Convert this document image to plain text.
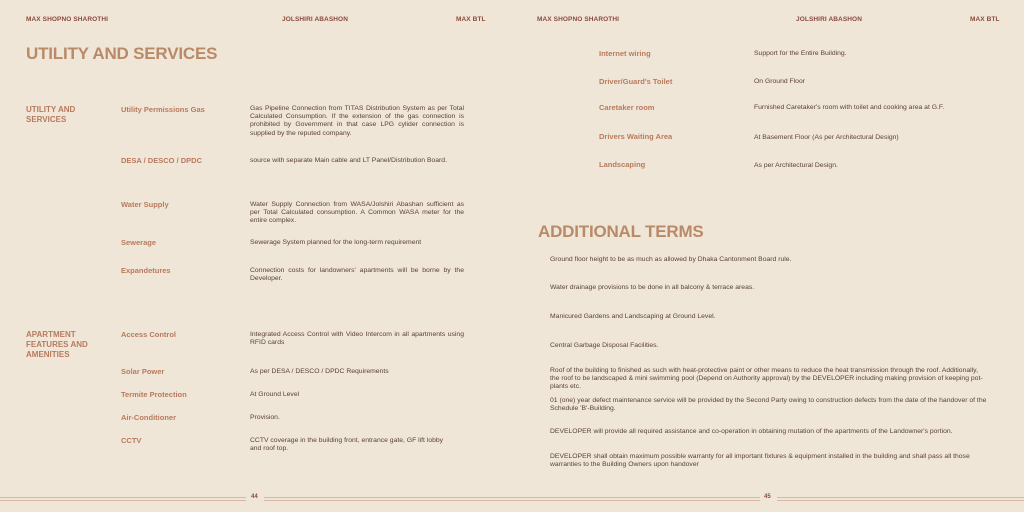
MAX SHOPNO SHAROTHI	JOLSHIRI ABASHON	MAX BTL
UTILITY AND SERVICES
UTILITY AND SERVICES
APARTMENT FEATURES AND AMENITIES
Utility Permissions Gas	Gas Pipeline Connection from TITAS Distribution System as per Total Calculated Consumption. If the extension of the gas connection is prohibited by Government in that case LPG cylider connection is supplied by the reputed company.
DESA / DESCO / DPDC	source with separate Main cable and LT Panel/Distribution Board.
Water Supply	Water Supply Connection from WASA/Jolshiri Abashan sufficient as per Total Calculated consumption. A Common WASA meter for the entire complex.
Sewerage	Sewerage System planned for the long-term requirement
Expandetures	Connection costs for landowners' apartments will be borne by the Developer.
Access Control	Integrated Access Control with Video Intercom in all apartments using RFID cards
Solar Power	As per DESA / DESCO / DPDC Requirements
Termite Protection	At Ground Level
Air-Conditioner	Provision.
CCTV	CCTV coverage in the building front, entrance gate, GF lift lobby and roof top.
44
MAX SHOPNO SHAROTHI	JOLSHIRI ABASHON	MAX BTL
Internet wiring	Support for the Entire Building.
Driver/Guard's Toilet	On Ground Floor
Caretaker room	Furnished Caretaker's room with toilet and cooking area at G.F.
Drivers Waiting Area	At Basement Floor (As per Architectural Design)
Landscaping	As per Architectural Design.
ADDITIONAL TERMS
Ground floor height to be as much as allowed by Dhaka Cantonment Board rule.
Water drainage provisions to be done in all balcony & terrace areas.
Manicured Gardens and Landscaping at Ground Level.
Central Garbage Disposal Facilities.
Roof of the building to finished as such with heat-protective paint or other means to reduce the heat transmission through the roof. Additionally, the roof to be landscaped & mini swimming pool (Depend on Authority approval) by the DEVELOPER including making provision of keeping pot-plants etc.
01 (one) year defect maintenance service will be provided by the Second Party owing to construction defects from the date of the handover of the Schedule 'B'-Building.
DEVELOPER will provide all required assistance and co-operation in obtaining mutation of the apartments of the Landowner's portion.
DEVELOPER shall obtain maximum possible warranty for all important fixtures & equipment installed in the building and shall pass all those warranties to the Building Owners upon handover
45
